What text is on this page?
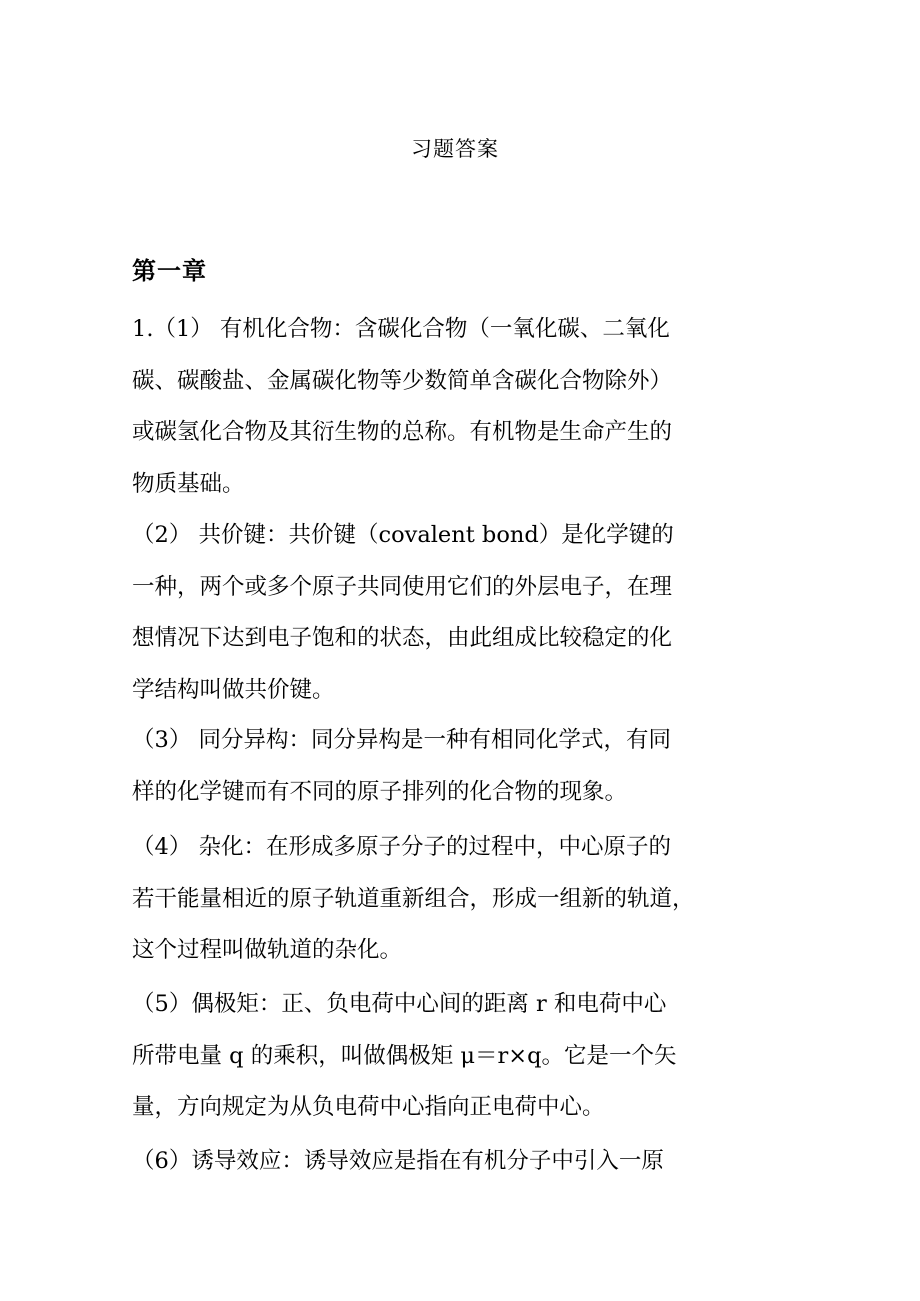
习题答案
第一章
1.（1） 有机化合物：含碳化合物（一氧化碳、二氧化
碳、碳酸盐、金属碳化物等少数简单含碳化合物除外）
或碳氢化合物及其衍生物的总称。有机物是生命产生的
物质基础。
（2） 共价键：共价键（covalent bond）是化学键的
一种，两个或多个原子共同使用它们的外层电子，在理
想情况下达到电子饱和的状态，由此组成比较稳定的化
学结构叫做共价键。
（3） 同分异构：同分异构是一种有相同化学式，有同
样的化学键而有不同的原子排列的化合物的现象。
（4） 杂化：在形成多原子分子的过程中，中心原子的
若干能量相近的原子轨道重新组合，形成一组新的轨道，
这个过程叫做轨道的杂化。
（5）偶极矩：正、负电荷中心间的距离 r 和电荷中心
所带电量 q 的乘积，叫做偶极矩 μ＝r×q。它是一个矢
量，方向规定为从负电荷中心指向正电荷中心。
（6）诱导效应：诱导效应是指在有机分子中引入一原
